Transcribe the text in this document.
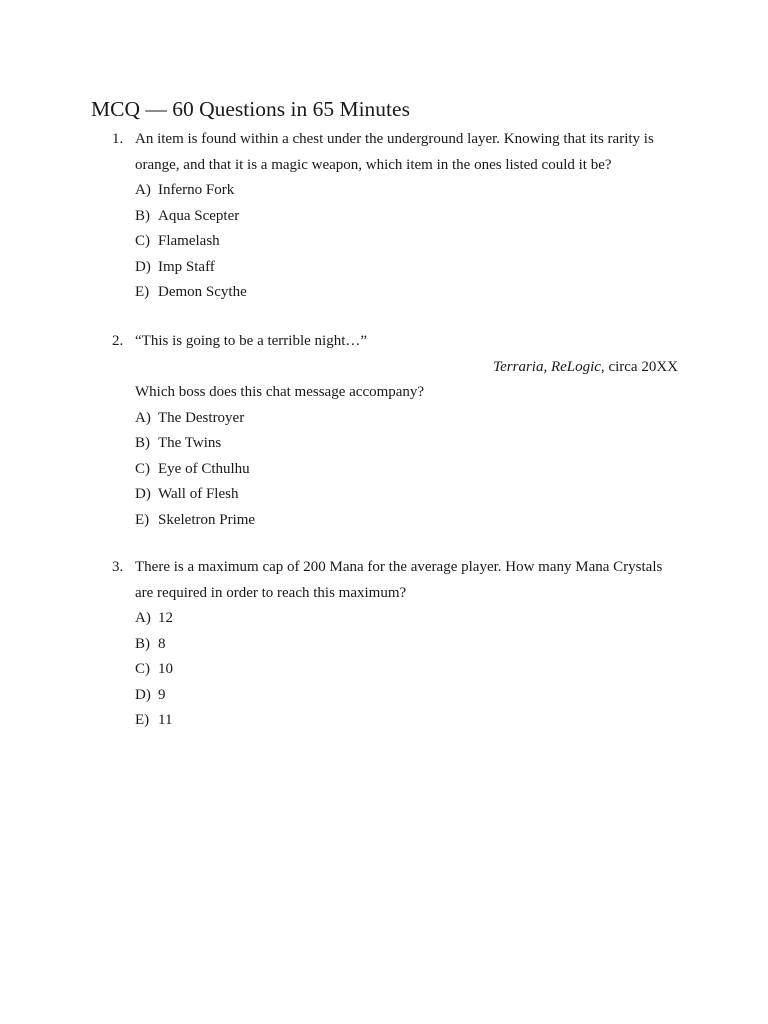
MCQ — 60 Questions in 65 Minutes
1. An item is found within a chest under the underground layer. Knowing that its rarity is
orange, and that it is a magic weapon, which item in the ones listed could it be?
A) Inferno Fork
B) Aqua Scepter
C) Flamelash
D) Imp Staff
E) Demon Scythe
2. “This is going to be a terrible night…”
Terraria, ReLogic, circa 20XX
Which boss does this chat message accompany?
A) The Destroyer
B) The Twins
C) Eye of Cthulhu
D) Wall of Flesh
E) Skeletron Prime
3. There is a maximum cap of 200 Mana for the average player. How many Mana Crystals
are required in order to reach this maximum?
A) 12
B) 8
C) 10
D) 9
E) 11
